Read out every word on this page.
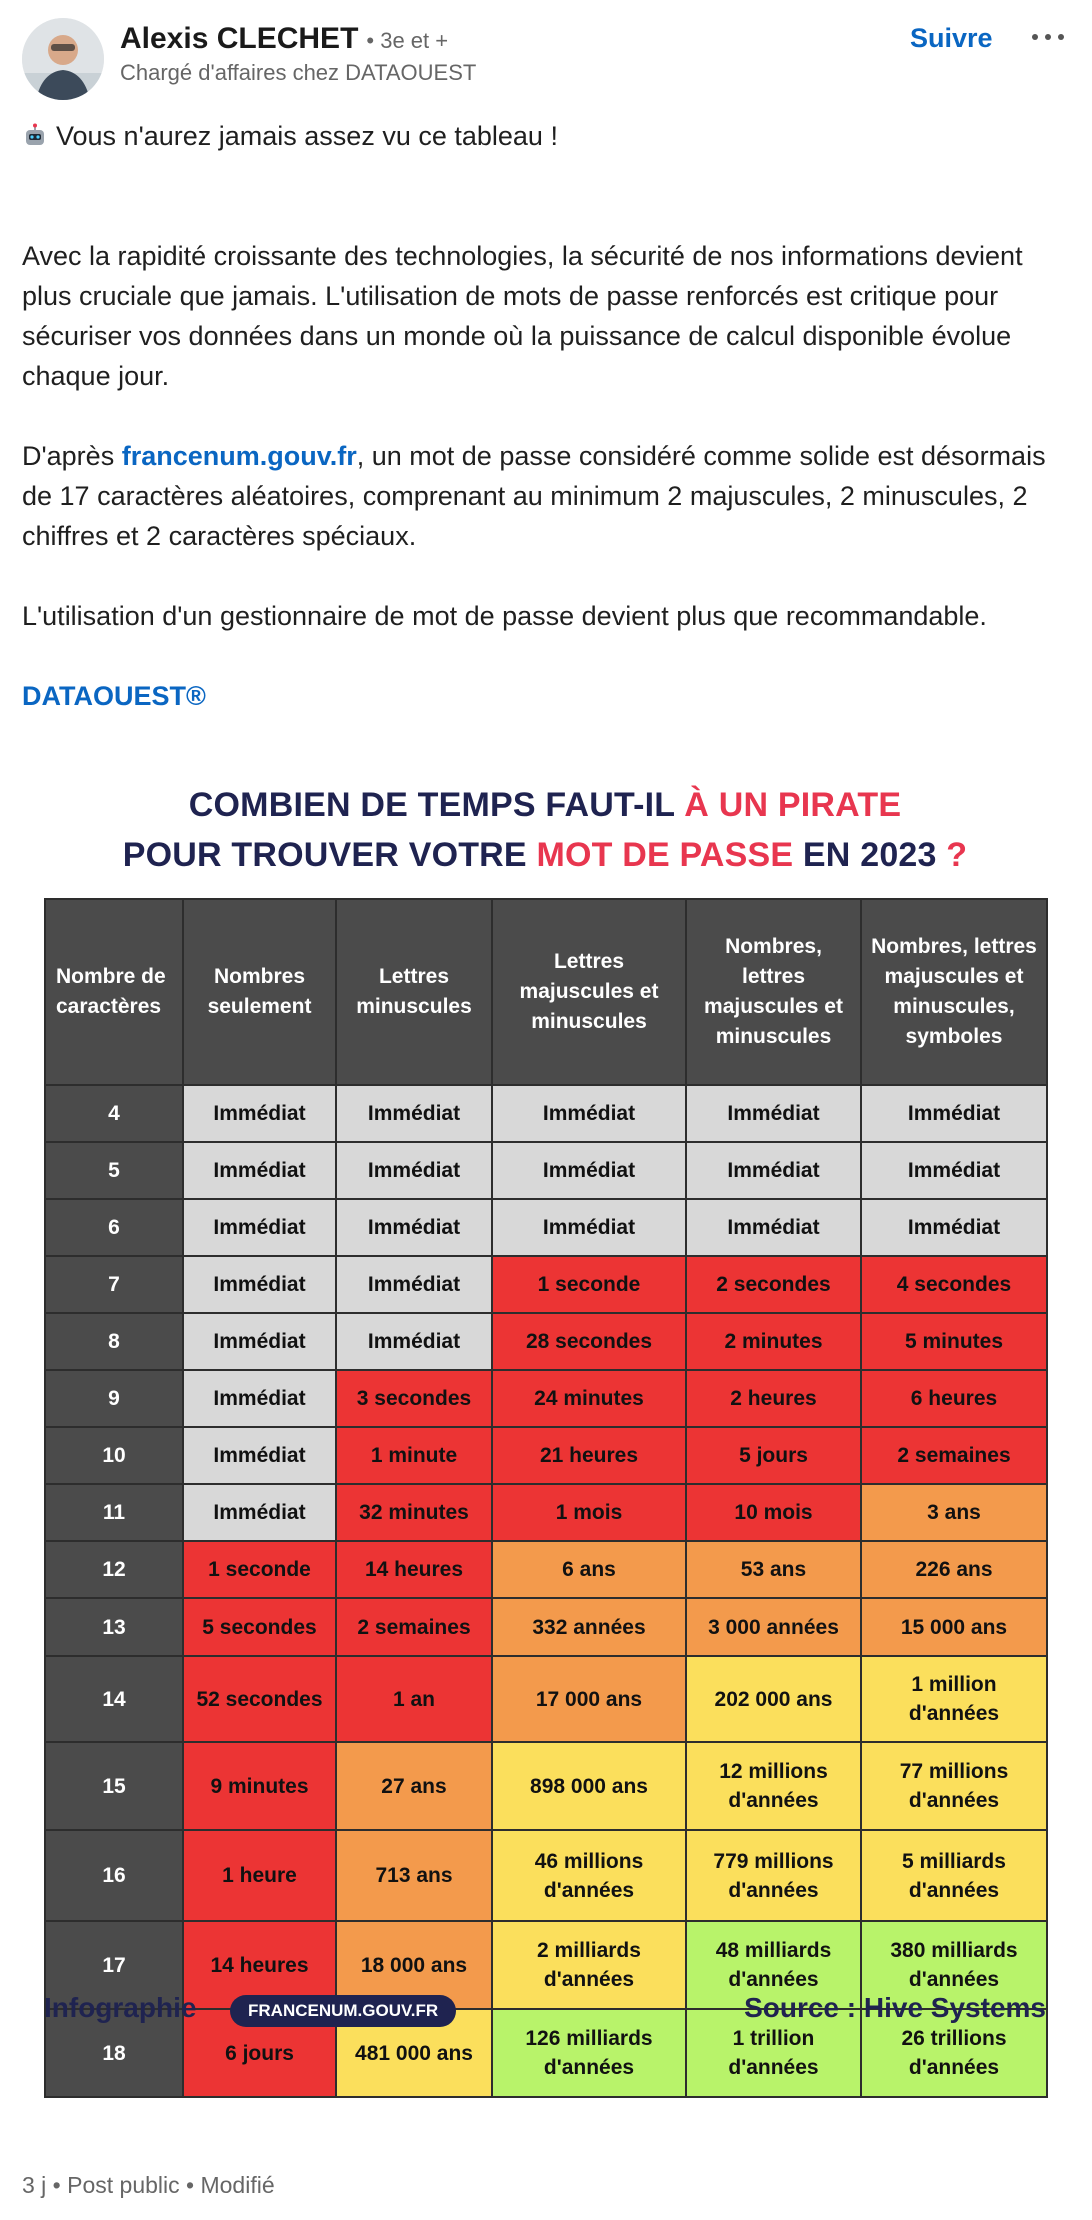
Alexis CLECHET • 3e et +
Chargé d'affaires chez DATAOUEST
Suivre

Vous n'aurez jamais assez vu ce tableau !

Avec la rapidité croissante des technologies, la sécurité de nos informations devient plus cruciale que jamais. L'utilisation de mots de passe renforcés est critique pour sécuriser vos données dans un monde où la puissance de calcul disponible évolue chaque jour.

D'après francenum.gouv.fr, un mot de passe considéré comme solide est désormais de 17 caractères aléatoires, comprenant au minimum 2 majuscules, 2 minuscules, 2 chiffres et 2 caractères spéciaux.

L'utilisation d'un gestionnaire de mot de passe devient plus que recommandable.

DATAOUEST®

COMBIEN DE TEMPS FAUT-IL À UN PIRATE
POUR TROUVER VOTRE MOT DE PASSE EN 2023 ?
Nombre de caractères	Nombres seulement	Lettres minuscules	Lettres majuscules et minuscules	Nombres, lettres majuscules et minuscules	Nombres, lettres majuscules et minuscules, symboles
4	Immédiat	Immédiat	Immédiat	Immédiat	Immédiat
5	Immédiat	Immédiat	Immédiat	Immédiat	Immédiat
6	Immédiat	Immédiat	Immédiat	Immédiat	Immédiat
7	Immédiat	Immédiat	1 seconde	2 secondes	4 secondes
8	Immédiat	Immédiat	28 secondes	2 minutes	5 minutes
9	Immédiat	3 secondes	24 minutes	2 heures	6 heures
10	Immédiat	1 minute	21 heures	5 jours	2 semaines
11	Immédiat	32 minutes	1 mois	10 mois	3 ans
12	1 seconde	14 heures	6 ans	53 ans	226 ans
13	5 secondes	2 semaines	332 années	3 000 années	15 000 ans
14	52 secondes	1 an	17 000 ans	202 000 ans	1 million d'années
15	9 minutes	27 ans	898 000 ans	12 millions d'années	77 millions d'années
16	1 heure	713 ans	46 millions d'années	779 millions d'années	5 milliards d'années
17	14 heures	18 000 ans	2 milliards d'années	48 milliards d'années	380 milliards d'années
18	6 jours	481 000 ans	126 milliards d'années	1 trillion d'années	26 trillions d'années
Infographie	FRANCENUM.GOUV.FR	Source : Hive Systems
3 j • Post public • Modifié
